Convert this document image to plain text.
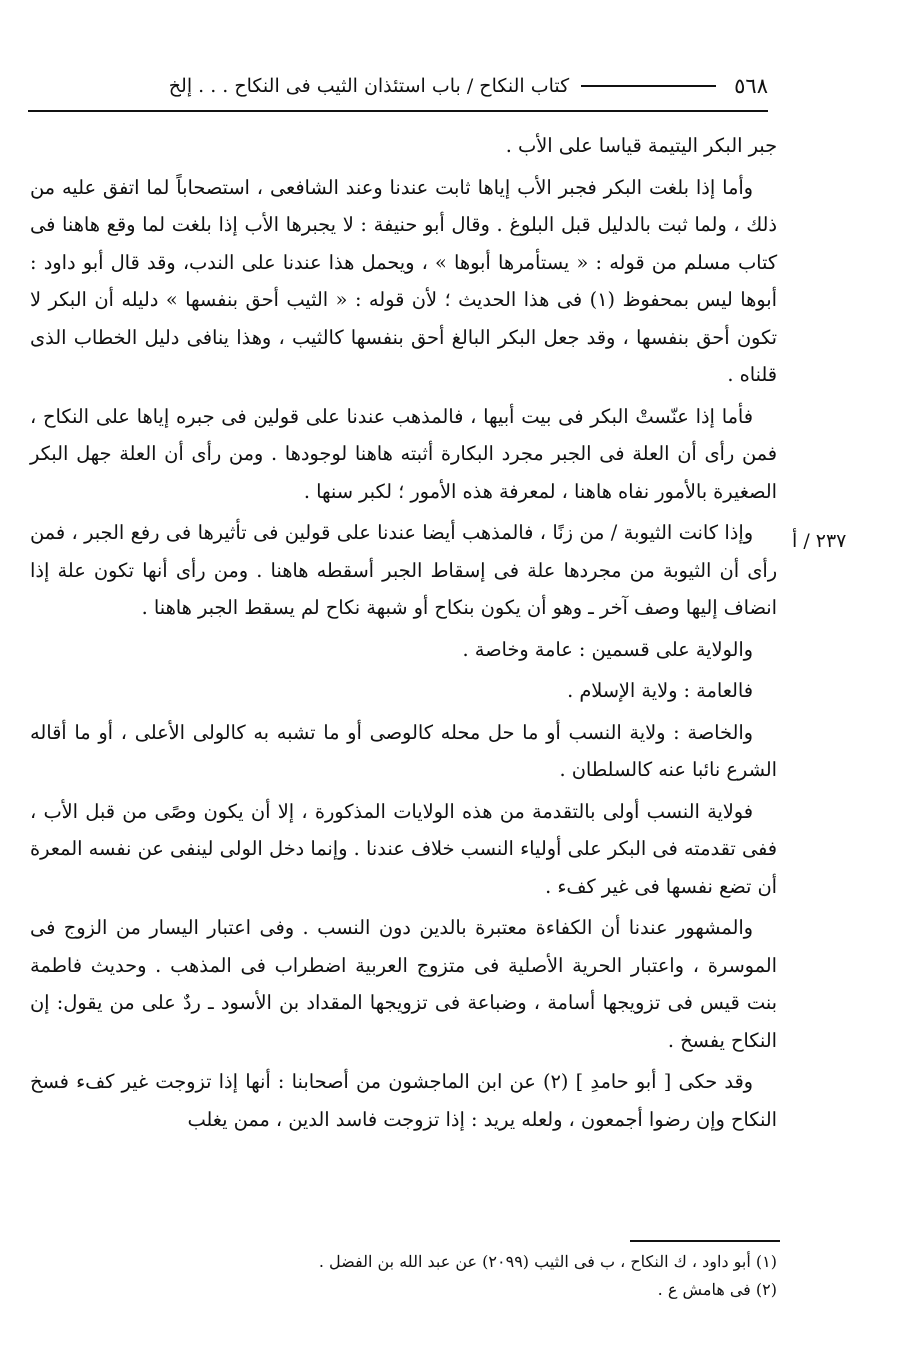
٥٦٨
كتاب النكاح / باب استئذان الثيب فى النكاح . . . إلخ
٢٣٧ / أ

جبر البكر اليتيمة قياسا على الأب .

وأما إذا بلغت البكر فجبر الأب إياها ثابت عندنا وعند الشافعى ، استصحاباً لما اتفق عليه من ذلك ، ولما ثبت بالدليل قبل البلوغ . وقال أبو حنيفة : لا يجبرها الأب إذا بلغت لما وقع هاهنا فى كتاب مسلم من قوله : « يستأمرها أبوها » ، ويحمل هذا عندنا على الندب، وقد قال أبو داود : أبوها ليس بمحفوظ (١) فى هذا الحديث ؛ لأن قوله : « الثيب أحق بنفسها » دليله أن البكر لا تكون أحق بنفسها ، وقد جعل البكر البالغ أحق بنفسها كالثيب ، وهذا ينافى دليل الخطاب الذى قلناه .

فأما إذا عنّستْ البكر فى بيت أبيها ، فالمذهب عندنا على قولين فى جبره إياها على النكاح ، فمن رأى أن العلة فى الجبر مجرد البكارة أثبته هاهنا لوجودها . ومن رأى أن العلة جهل البكر الصغيرة بالأمور نفاه هاهنا ، لمعرفة هذه الأمور ؛ لكبر سنها .

وإذا كانت الثيوبة / من زنًا ، فالمذهب أيضا عندنا على قولين فى تأثيرها فى رفع الجبر ، فمن رأى أن الثيوبة من مجردها علة فى إسقاط الجبر أسقطه هاهنا . ومن رأى أنها تكون علة إذا انضاف إليها وصف آخر ـ وهو أن يكون بنكاح أو شبهة نكاح لم يسقط الجبر هاهنا .

والولاية على قسمين : عامة وخاصة .

فالعامة : ولاية الإسلام .

والخاصة : ولاية النسب أو ما حل محله كالوصى أو ما تشبه به كالولى الأعلى ، أو ما أقاله الشرع نائبا عنه كالسلطان .

فولاية النسب أولى بالتقدمة من هذه الولايات المذكورة ، إلا أن يكون وصًى من قبل الأب ، ففى تقدمته فى البكر على أولياء النسب خلاف عندنا . وإنما دخل الولى لينفى عن نفسه المعرة أن تضع نفسها فى غير كفء .

والمشهور عندنا أن الكفاءة معتبرة بالدين دون النسب . وفى اعتبار اليسار من الزوج فى الموسرة ، واعتبار الحرية الأصلية فى متزوج العربية اضطراب فى المذهب . وحديث فاطمة بنت قيس فى تزويجها أسامة ، وضباعة فى تزويجها المقداد بن الأسود ـ ردٌ على من يقول: إن النكاح يفسخ .

وقد حكى [ أبو حامدِ ] (٢) عن ابن الماجشون من أصحابنا : أنها إذا تزوجت غير كفء فسخ النكاح وإن رضوا أجمعون ، ولعله يريد : إذا تزوجت فاسد الدين ، ممن يغلب

(١) أبو داود ، ك النكاح ، ب فى الثيب (٢٠٩٩) عن عبد الله بن الفضل .
(٢) فى هامش ع .
